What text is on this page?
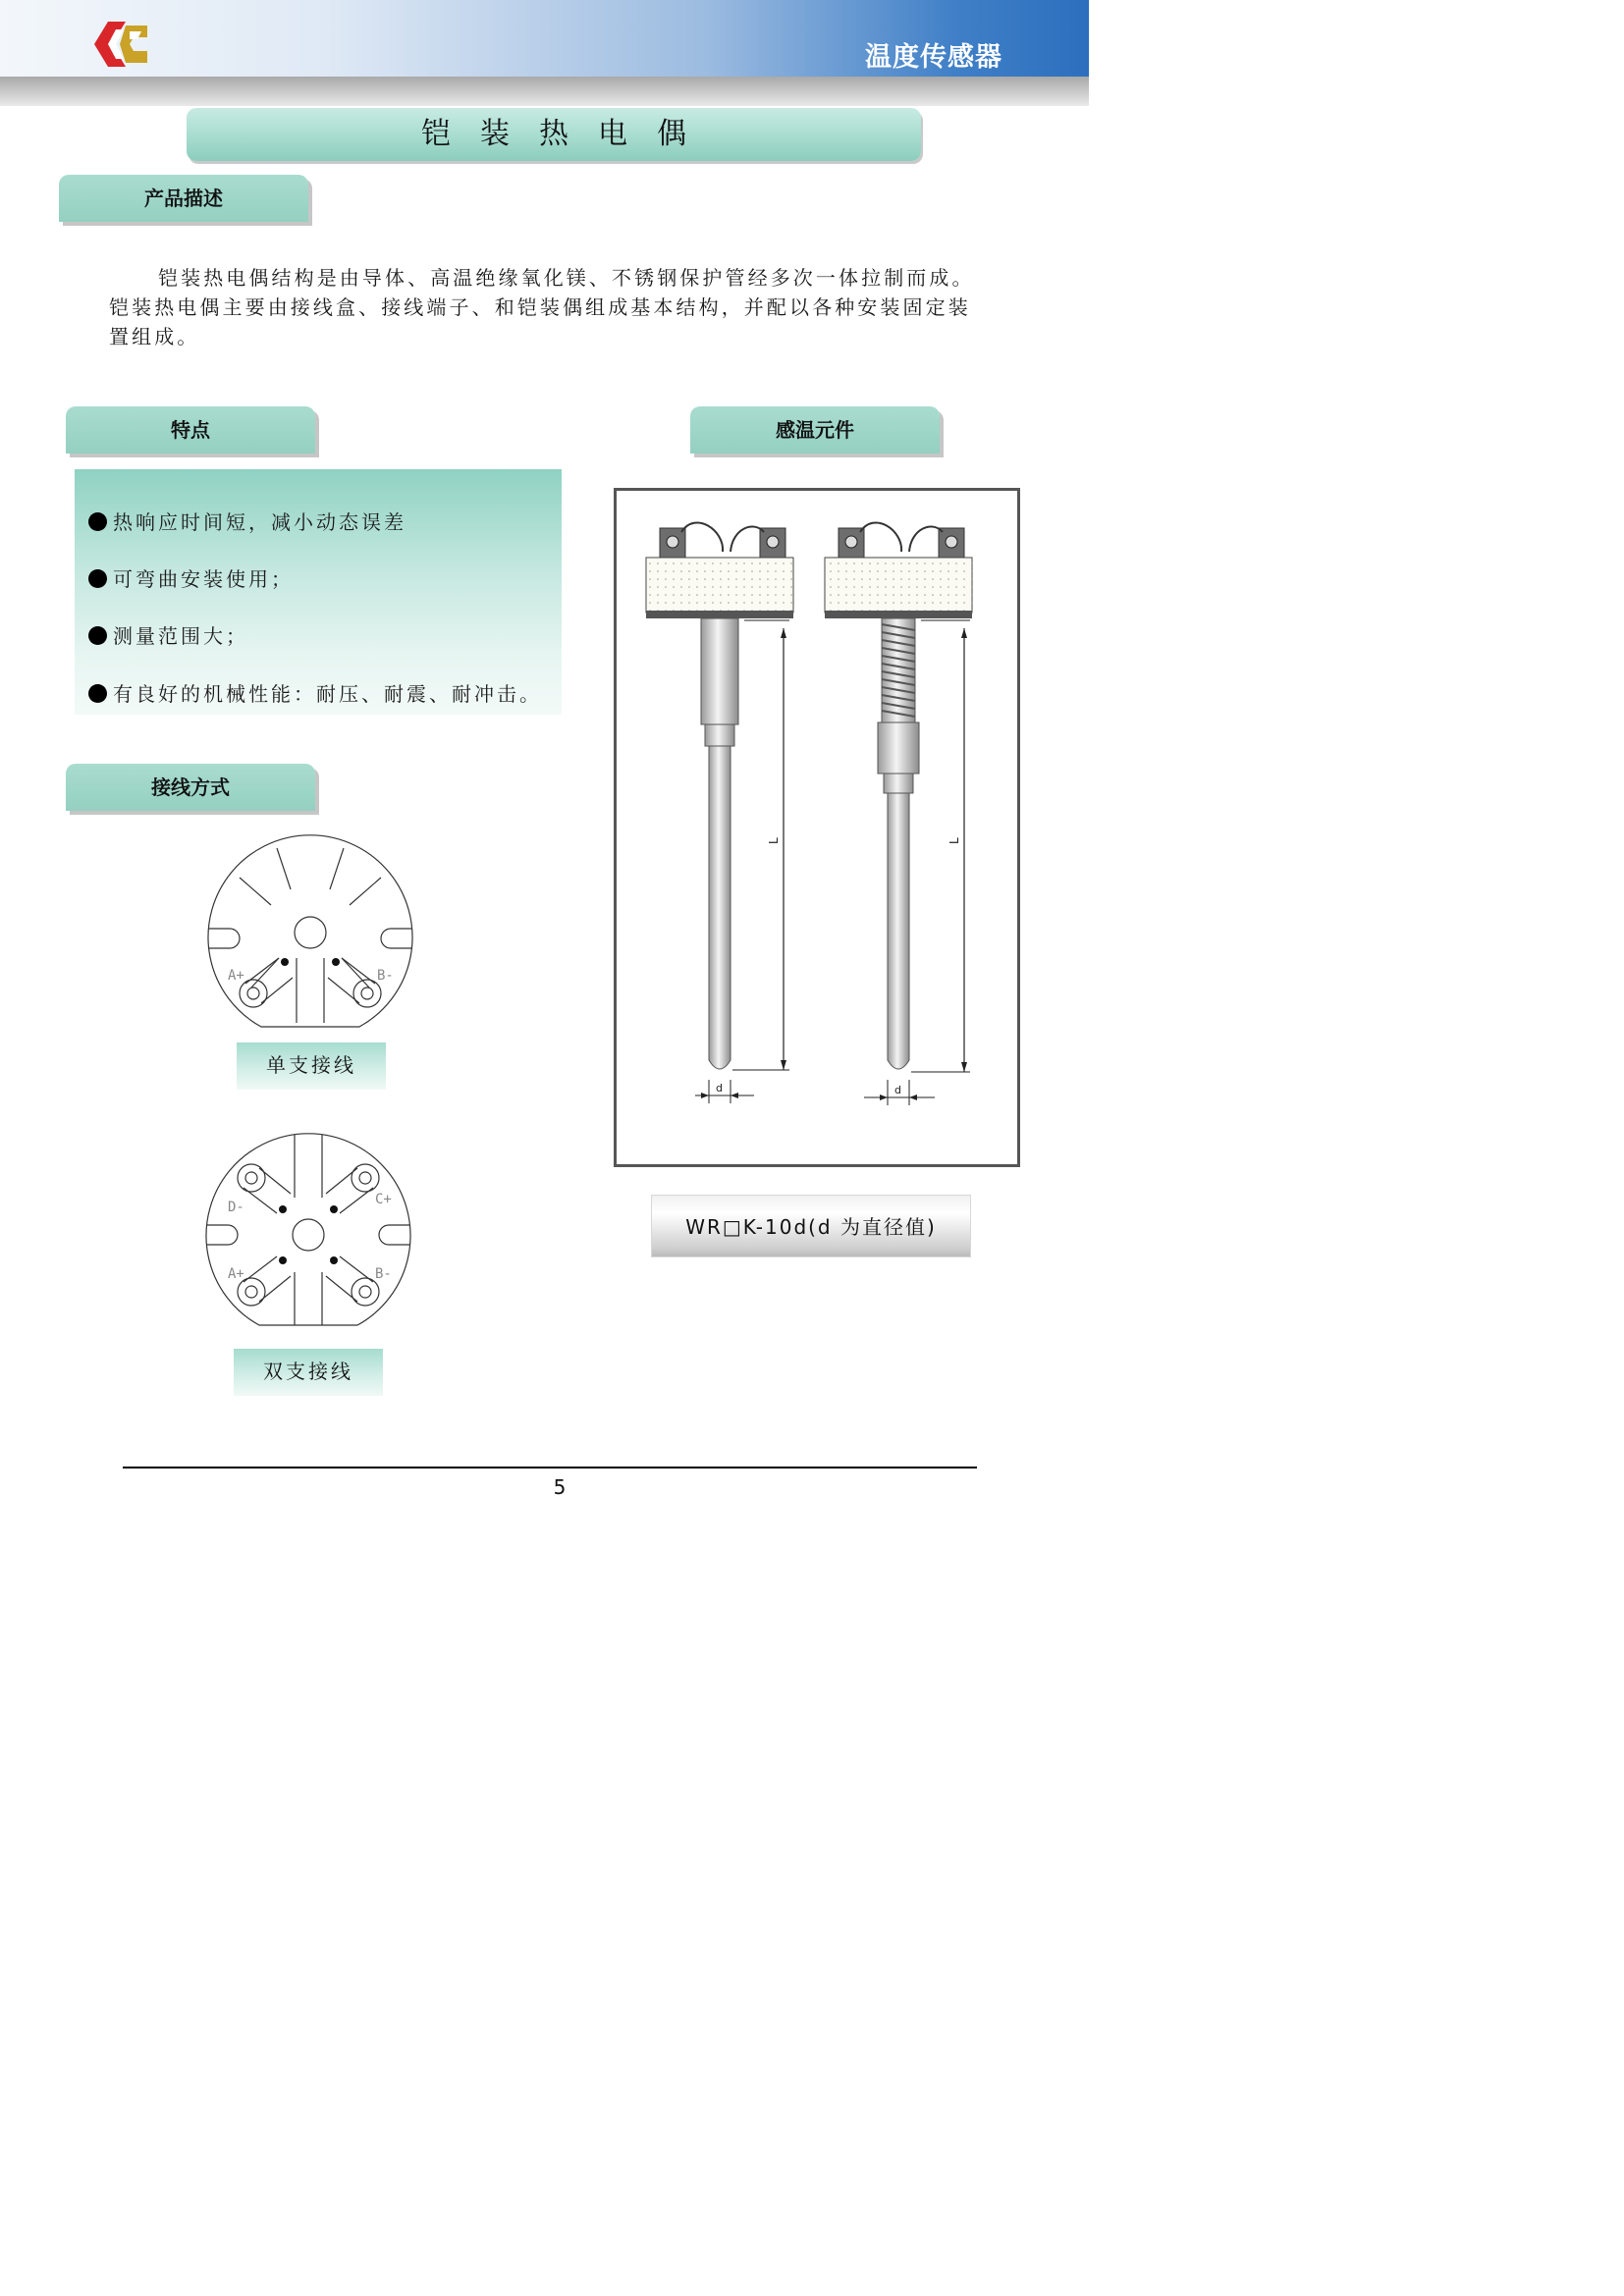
温度传感器
铠装热电偶
产品描述
铠装热电偶结构是由导体、高温绝缘氧化镁、不锈钢保护管经多次一体拉制而成。铠装热电偶主要由接线盒、接线端子、和铠装偶组成基本结构，并配以各种安装固定装置组成。
特点
热响应时间短，减小动态误差
可弯曲安装使用；
测量范围大；
有良好的机械性能：耐压、耐震、耐冲击。
感温元件
L	L
d	d
WR□K-10d(d 为直径值)
接线方式
A+	B-
单支接线
D-	C+
A+	B-
双支接线
5
